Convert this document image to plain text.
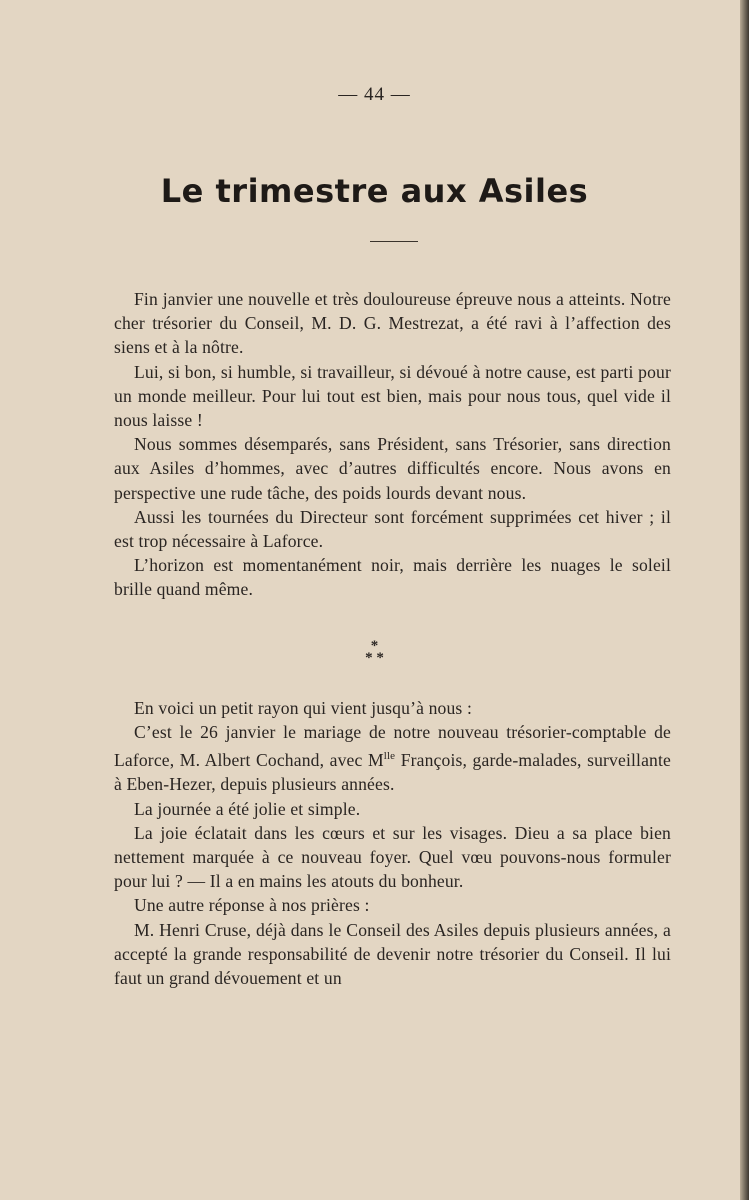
— 44 —
Le trimestre aux Asiles

Fin janvier une nouvelle et très douloureuse épreuve nous a atteints. Notre cher trésorier du Conseil, M. D. G. Mestrezat, a été ravi à l’affection des siens et à la nôtre.

Lui, si bon, si humble, si travailleur, si dévoué à notre cause, est parti pour un monde meilleur. Pour lui tout est bien, mais pour nous tous, quel vide il nous laisse !

Nous sommes désemparés, sans Président, sans Trésorier, sans direction aux Asiles d’hommes, avec d’autres difficultés encore. Nous avons en perspective une rude tâche, des poids lourds devant nous.

Aussi les tournées du Directeur sont forcément supprimées cet hiver ; il est trop nécessaire à Laforce.

L’horizon est momentanément noir, mais derrière les nuages le soleil brille quand même.

*
* *

En voici un petit rayon qui vient jusqu’à nous :

C’est le 26 janvier le mariage de notre nouveau trésorier-comptable de Laforce, M. Albert Cochand, avec $M^{lle}$ François, garde-malades, surveillante à Eben-Hezer, depuis plusieurs années.

La journée a été jolie et simple.

La joie éclatait dans les cœurs et sur les visages. Dieu a sa place bien nettement marquée à ce nouveau foyer. Quel vœu pouvons-nous formuler pour lui ? — Il a en mains les atouts du bonheur.

Une autre réponse à nos prières :

M. Henri Cruse, déjà dans le Conseil des Asiles depuis plusieurs années, a accepté la grande responsabilité de devenir notre trésorier du Conseil. Il lui faut un grand dévouement et un
